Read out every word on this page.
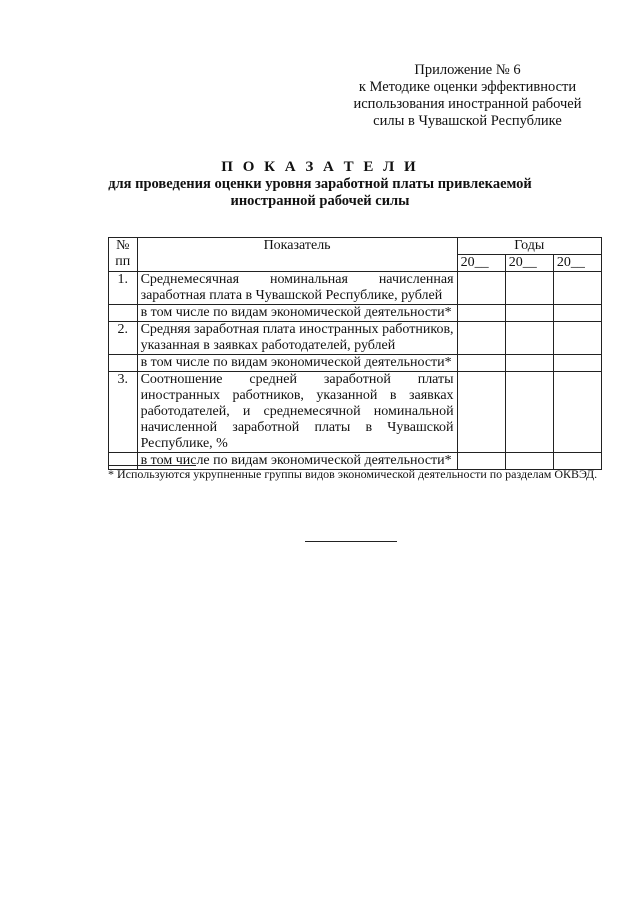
Приложение № 6
к Методике оценки эффективности
использования иностранной рабочей
силы в Чувашской Республике
П О К А З А Т Е Л И
для проведения оценки уровня заработной платы привлекаемой
иностранной рабочей силы
№
пп	Показатель	Годы		
		20__	20__	20__
1.	Среднемесячная номинальная начисленная заработная плата в Чувашской Республике, рублей			
	в том числе по видам экономической деятельности*			
2.	Средняя заработная плата иностранных работников, указанная в заявках работодателей, рублей			
	в том числе по видам экономической деятельности*			
3.	Соотношение средней заработной платы иностранных работников, указанной в заявках работодателей, и среднемесячной номинальной начисленной заработной платы в Чувашской Республике, %			
	в том числе по видам экономической деятельности*			
* Используются укрупненные группы видов экономической деятельности по разделам ОКВЭД.
